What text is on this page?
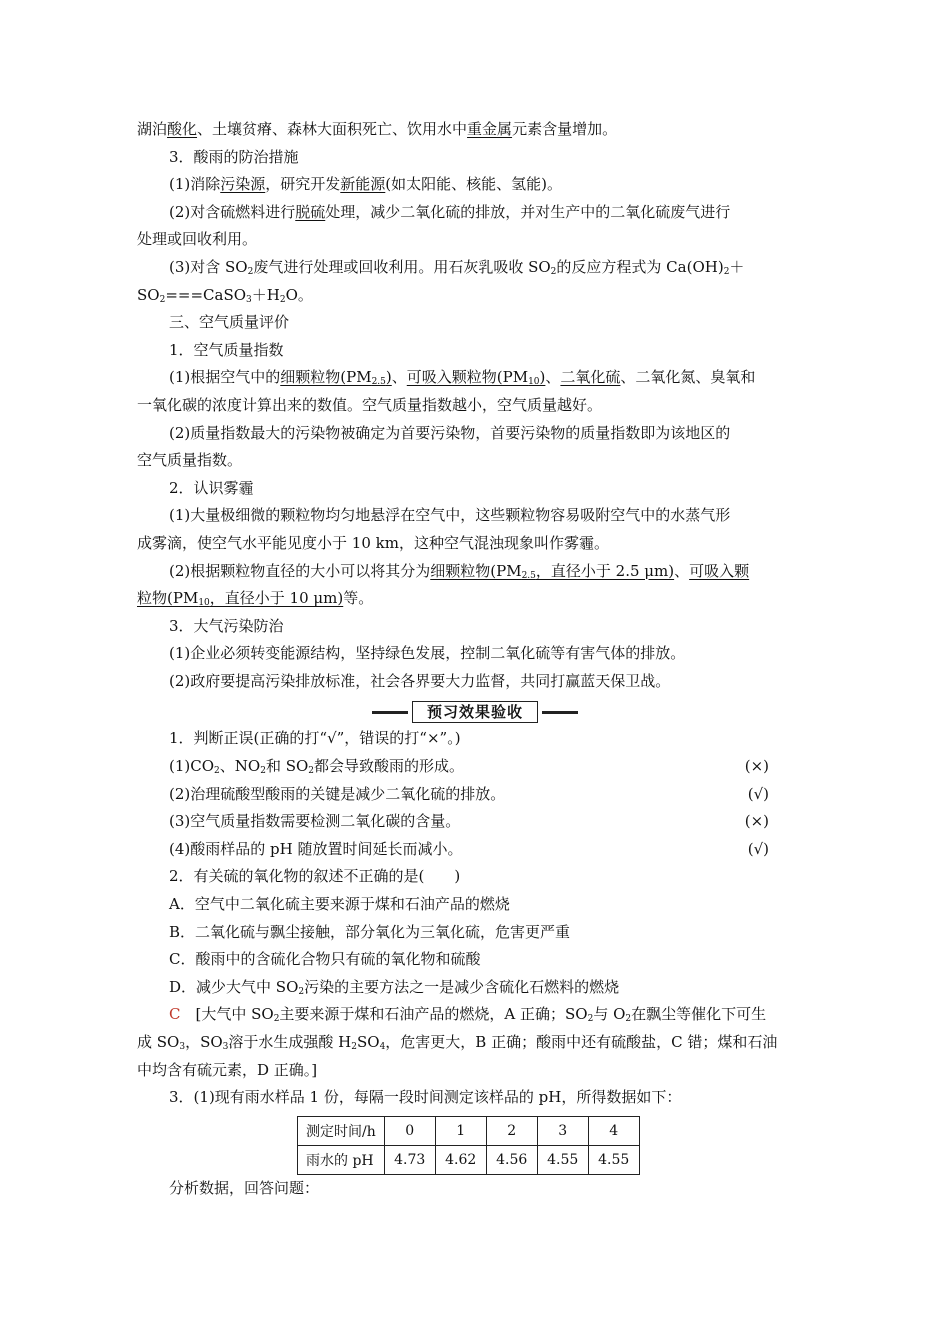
湖泊酸化、土壤贫瘠、森林大面积死亡、饮用水中重金属元素含量增加。
3．酸雨的防治措施
(1)消除污染源，研究开发新能源(如太阳能、核能、氢能)。
(2)对含硫燃料进行脱硫处理，减少二氧化硫的排放，并对生产中的二氧化硫废气进行
处理或回收利用。
(3)对含 $SO_2$废气进行处理或回收利用。用石灰乳吸收 $SO_2$的反应方程式为 $Ca(OH)_2+$
$SO_2===CaSO_3+H_2O$。
三、空气质量评价
1．空气质量指数
(1)根据空气中的细颗粒物$(PM_{2.5})$、可吸入颗粒物$(PM_{10})$、二氧化硫、二氧化氮、臭氧和
一氧化碳的浓度计算出来的数值。空气质量指数越小，空气质量越好。
(2)质量指数最大的污染物被确定为首要污染物，首要污染物的质量指数即为该地区的
空气质量指数。
2．认识雾霾
(1)大量极细微的颗粒物均匀地悬浮在空气中，这些颗粒物容易吸附空气中的水蒸气形
成雾滴，使空气水平能见度小于 10 km，这种空气混浊现象叫作雾霾。
(2)根据颗粒物直径的大小可以将其分为细颗粒物($PM_{2.5}$，直径小于 2.5 μm)、可吸入颗
粒物($PM_{10}$，直径小于 10 μm)等。
3．大气污染防治
(1)企业必须转变能源结构，坚持绿色发展，控制二氧化硫等有害气体的排放。
(2)政府要提高污染排放标准，社会各界要大力监督，共同打赢蓝天保卫战。
预习效果验收
1．判断正误(正确的打“√”，错误的打“×”。)
$(1)CO_2$、$NO_2$和 $SO_2$都会导致酸雨的形成。	(×)
(2)治理硫酸型酸雨的关键是减少二氧化硫的排放。	(√)
(3)空气质量指数需要检测二氧化碳的含量。	(×)
(4)酸雨样品的 pH 随放置时间延长而减小。	(√)
2．有关硫的氧化物的叙述不正确的是(　　)
A．空气中二氧化硫主要来源于煤和石油产品的燃烧
B．二氧化硫与飘尘接触，部分氧化为三氧化硫，危害更严重
C．酸雨中的含硫化合物只有硫的氧化物和硫酸
D．减少大气中 $SO_2$污染的主要方法之一是减少含硫化石燃料的燃烧
C　[大气中 $SO_2$主要来源于煤和石油产品的燃烧，A 正确；$SO_2$与 $O_2$在飘尘等催化下可生
成 $SO_3$，$SO_3$溶于水生成强酸 $H_2SO_4$，危害更大，B 正确；酸雨中还有硫酸盐，C 错；煤和石油
中均含有硫元素，D 正确。]
3．(1)现有雨水样品 1 份，每隔一段时间测定该样品的 pH，所得数据如下：
测定时间/h	0	1	2	3	4
雨水的 pH	4.73	4.62	4.56	4.55	4.55
分析数据，回答问题：
